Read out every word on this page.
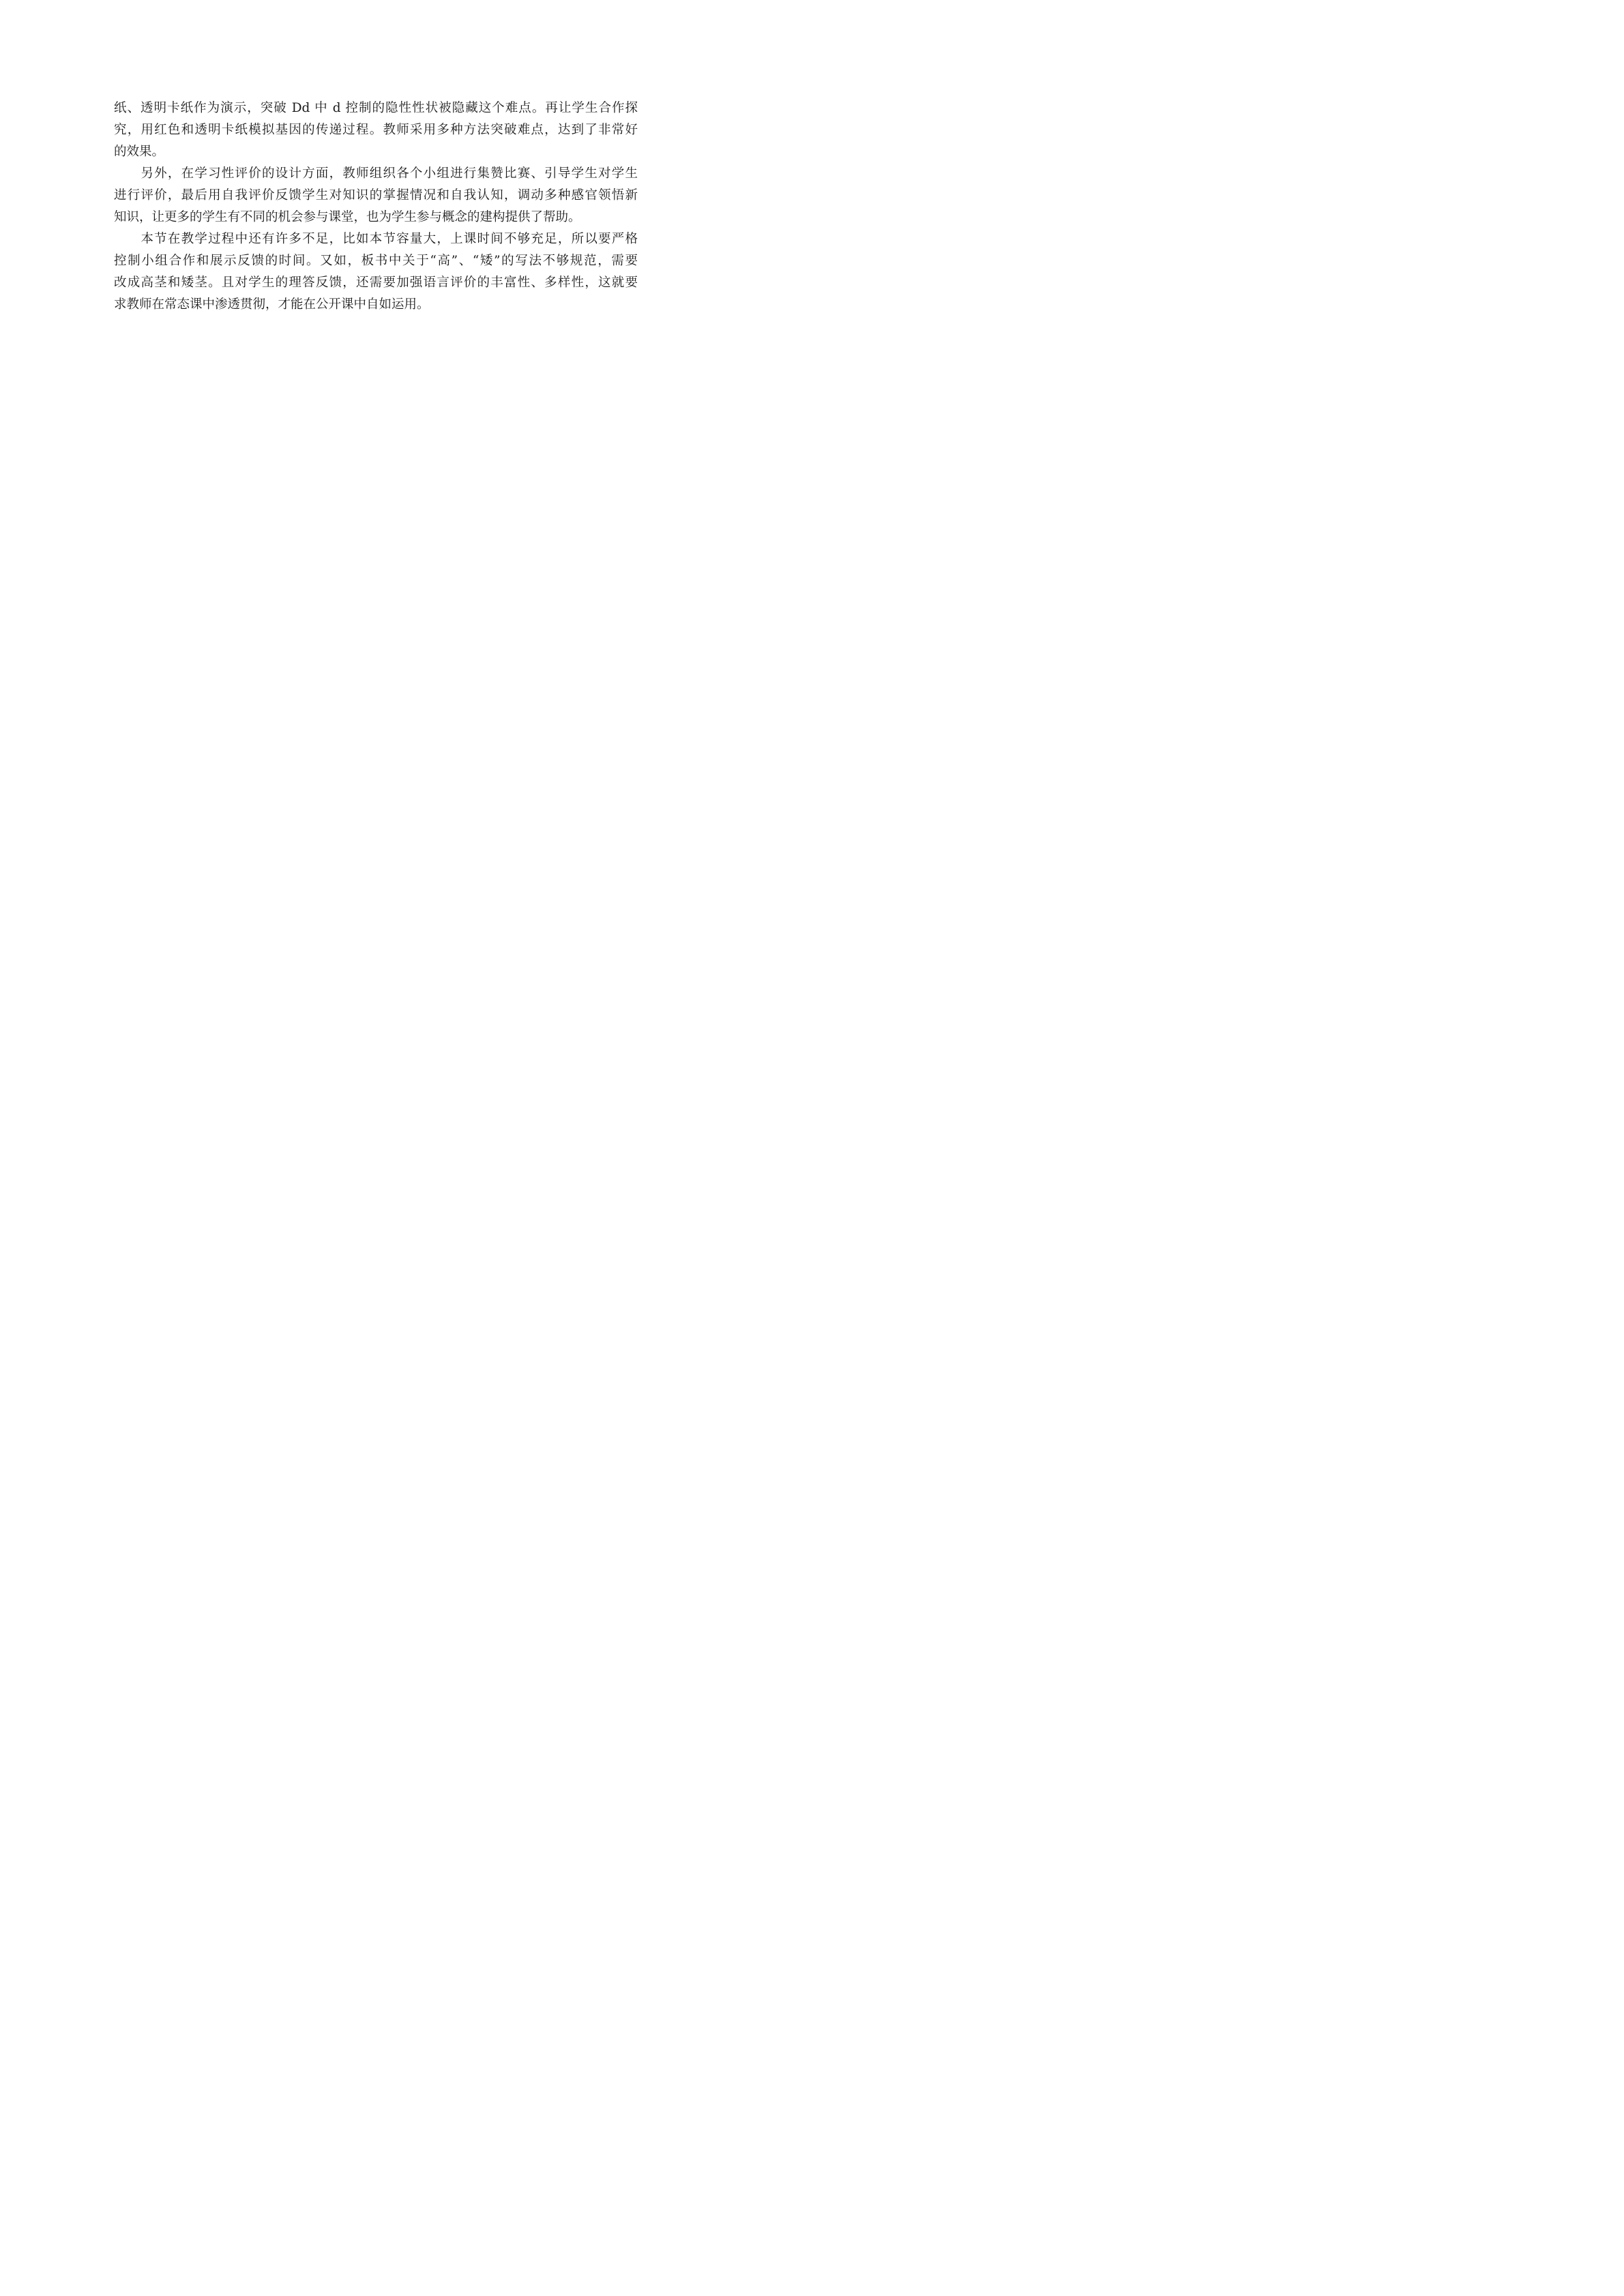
纸、透明卡纸作为演示，突破 Dd 中 d 控制的隐性性状被隐藏这个难点。再让学生合作探
究，用红色和透明卡纸模拟基因的传递过程。教师采用多种方法突破难点，达到了非常好
的效果。

　　另外，在学习性评价的设计方面，教师组织各个小组进行集赞比赛、引导学生对学生
进行评价，最后用自我评价反馈学生对知识的掌握情况和自我认知，调动多种感官领悟新
知识，让更多的学生有不同的机会参与课堂，也为学生参与概念的建构提供了帮助。

　　本节在教学过程中还有许多不足，比如本节容量大，上课时间不够充足，所以要严格
控制小组合作和展示反馈的时间。又如，板书中关于“高”、“矮”的写法不够规范，需要
改成高茎和矮茎。且对学生的理答反馈，还需要加强语言评价的丰富性、多样性，这就要
求教师在常态课中渗透贯彻，才能在公开课中自如运用。
